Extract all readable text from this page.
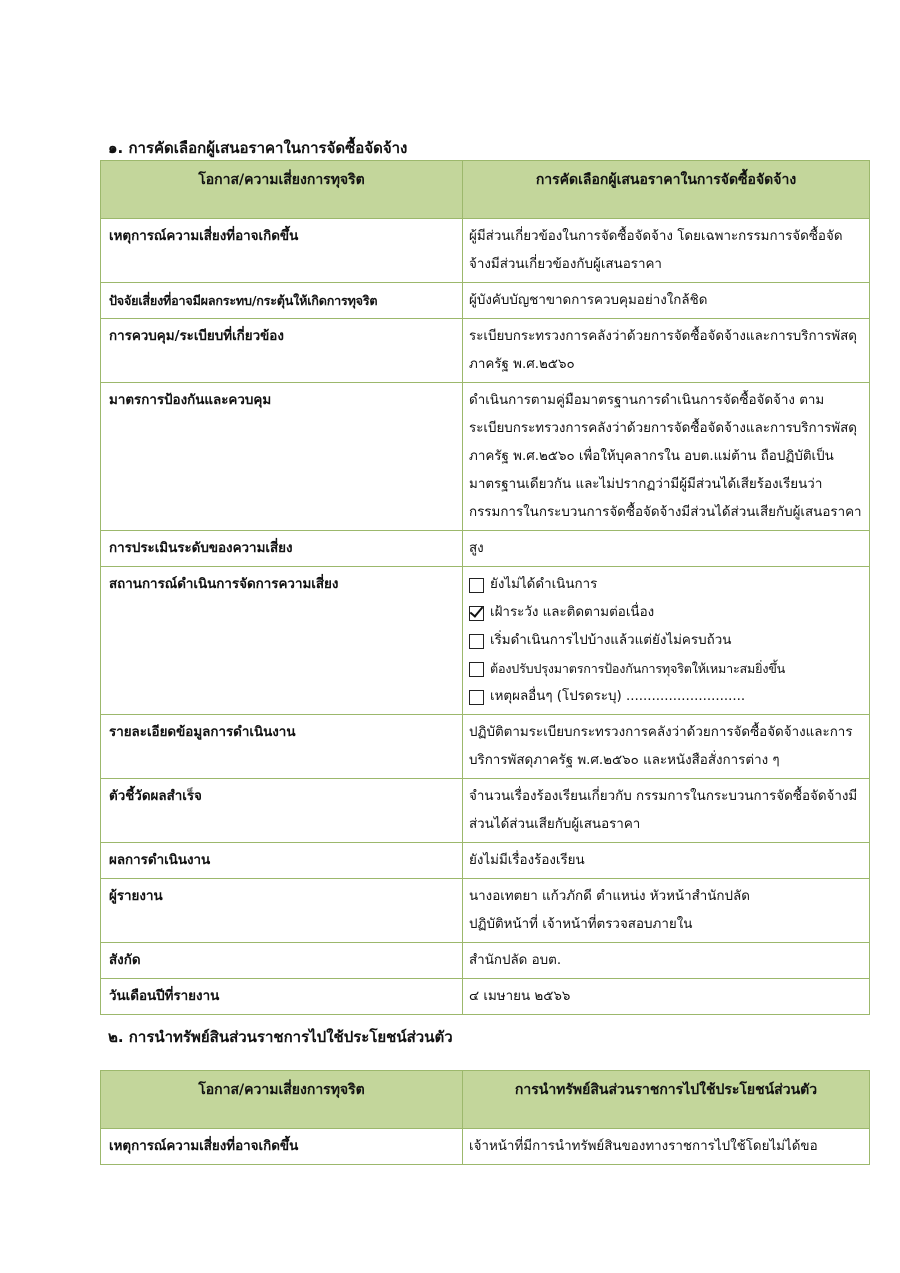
๑. การคัดเลือกผู้เสนอราคาในการจัดซื้อจัดจ้าง
โอกาส/ความเสี่ยงการทุจริต	การคัดเลือกผู้เสนอราคาในการจัดซื้อจัดจ้าง
เหตุการณ์ความเสี่ยงที่อาจเกิดขึ้น	ผู้มีส่วนเกี่ยวข้องในการจัดซื้อจัดจ้าง โดยเฉพาะกรรมการจัดซื้อจัดจ้างมีส่วนเกี่ยวข้องกับผู้เสนอราคา
ปัจจัยเสี่ยงที่อาจมีผลกระทบ/กระตุ้นให้เกิดการทุจริต	ผู้บังคับบัญชาขาดการควบคุมอย่างใกล้ชิด
การควบคุม/ระเบียบที่เกี่ยวข้อง	ระเบียบกระทรวงการคลังว่าด้วยการจัดซื้อจัดจ้างและการบริการพัสดุภาครัฐ พ.ศ.๒๕๖๐
มาตรการป้องกันและควบคุม	ดำเนินการตามคู่มือมาตรฐานการดำเนินการจัดซื้อจัดจ้าง ตามระเบียบกระทรวงการคลังว่าด้วยการจัดซื้อจัดจ้างและการบริการพัสดุภาครัฐ พ.ศ.๒๕๖๐ เพื่อให้บุคลากรใน อบต.แม่ต้าน ถือปฏิบัติเป็นมาตรฐานเดียวกัน และไม่ปรากฏว่ามีผู้มีส่วนได้เสียร้องเรียนว่ากรรมการในกระบวนการจัดซื้อจัดจ้างมีส่วนได้ส่วนเสียกับผู้เสนอราคา
การประเมินระดับของความเสี่ยง	สูง
สถานการณ์ดำเนินการจัดการความเสี่ยง	ยังไม่ได้ดำเนินการ
เฝ้าระวัง และติดตามต่อเนื่อง
เริ่มดำเนินการไปบ้างแล้วแต่ยังไม่ครบถ้วน
ต้องปรับปรุงมาตรการป้องกันการทุจริตให้เหมาะสมยิ่งขึ้น
เหตุผลอื่นๆ (โปรดระบุ) ............................

รายละเอียดข้อมูลการดำเนินงาน	ปฏิบัติตามระเบียบกระทรวงการคลังว่าด้วยการจัดซื้อจัดจ้างและการบริการพัสดุภาครัฐ พ.ศ.๒๕๖๐ และหนังสือสั่งการต่าง ๆ
ตัวชี้วัดผลสำเร็จ	จำนวนเรื่องร้องเรียนเกี่ยวกับ กรรมการในกระบวนการจัดซื้อจัดจ้างมีส่วนได้ส่วนเสียกับผู้เสนอราคา
ผลการดำเนินงาน	ยังไม่มีเรื่องร้องเรียน
ผู้รายงาน	นางอเทตยา แก้วภักดี ตำแหน่ง หัวหน้าสำนักปลัด
ปฏิบัติหน้าที่ เจ้าหน้าที่ตรวจสอบภายใน

สังกัด	สำนักปลัด อบต.
วันเดือนปีที่รายงาน	๔ เมษายน ๒๕๖๖
๒. การนำทรัพย์สินส่วนราชการไปใช้ประโยชน์ส่วนตัว
โอกาส/ความเสี่ยงการทุจริต	การนำทรัพย์สินส่วนราชการไปใช้ประโยชน์ส่วนตัว
เหตุการณ์ความเสี่ยงที่อาจเกิดขึ้น	เจ้าหน้าที่มีการนำทรัพย์สินของทางราชการไปใช้โดยไม่ได้ขอ
